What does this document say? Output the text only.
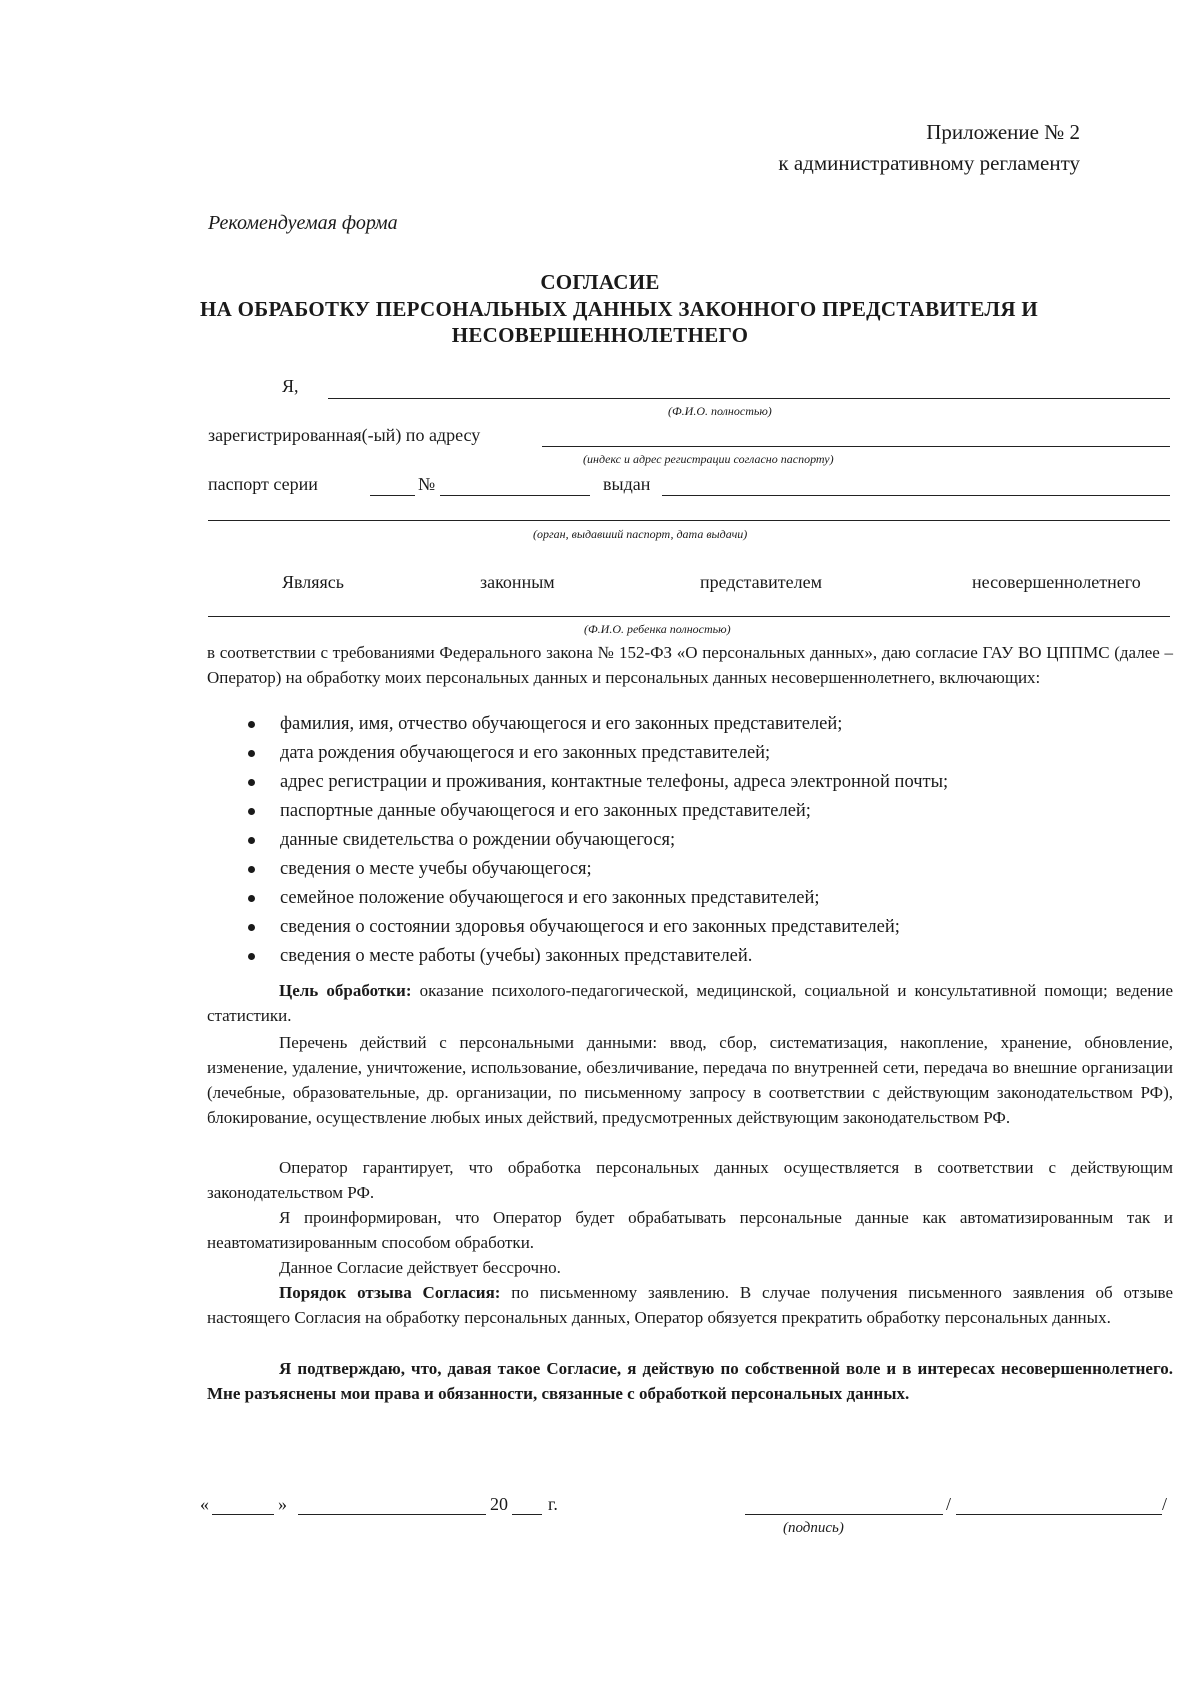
Приложение № 2
к административному регламенту
Рекомендуемая форма
СОГЛАСИЕ
НА ОБРАБОТКУ ПЕРСОНАЛЬНЫХ ДАННЫХ ЗАКОННОГО ПРЕДСТАВИТЕЛЯ И
НЕСОВЕРШЕННОЛЕТНЕГО
Я,
(Ф.И.О. полностью)
зарегистрированная(-ый) по адресу
(индекс и адрес регистрации согласно паспорту)
паспорт серии	№	выдан
(орган, выдавший паспорт, дата выдачи)
Являясь	законным	представителем	несовершеннолетнего
(Ф.И.О. ребенка полностью)
в соответствии с требованиями Федерального закона № 152-ФЗ «О персональных данных», даю согласие ГАУ ВО ЦППМС (далее – Оператор) на обработку моих персональных данных и персональных данных несовершеннолетнего, включающих:
фамилия, имя, отчество обучающегося и его законных представителей;
дата рождения обучающегося и его законных представителей;
адрес регистрации и проживания, контактные телефоны, адреса электронной почты;
паспортные данные обучающегося и его законных представителей;
данные свидетельства о рождении обучающегося;
сведения о месте учебы обучающегося;
семейное положение обучающегося и его законных представителей;
сведения о состоянии здоровья обучающегося и его законных представителей;
сведения о месте работы (учебы) законных представителей.
Цель обработки: оказание психолого-педагогической, медицинской, социальной и консультативной помощи; ведение статистики.
Перечень действий с персональными данными: ввод, сбор, систематизация, накопление, хранение, обновление, изменение, удаление, уничтожение, использование, обезличивание, передача по внутренней сети, передача во внешние организации (лечебные, образовательные, др. организации, по письменному запросу в соответствии с действующим законодательством РФ), блокирование, осуществление любых иных действий, предусмотренных действующим законодательством РФ.
Оператор гарантирует, что обработка персональных данных осуществляется в соответствии с действующим законодательством РФ.
Я проинформирован, что Оператор будет обрабатывать персональные данные как автоматизированным так и неавтоматизированным способом обработки.
Данное Согласие действует бессрочно.
Порядок отзыва Согласия: по письменному заявлению. В случае получения письменного заявления об отзыве настоящего Согласия на обработку персональных данных, Оператор обязуется прекратить обработку персональных данных.
Я подтверждаю, что, давая такое Согласие, я действую по собственной воле и в интересах несовершеннолетнего. Мне разъяснены мои права и обязанности, связанные с обработкой персональных данных.
«	»	20 г.	/	/
(подпись)
